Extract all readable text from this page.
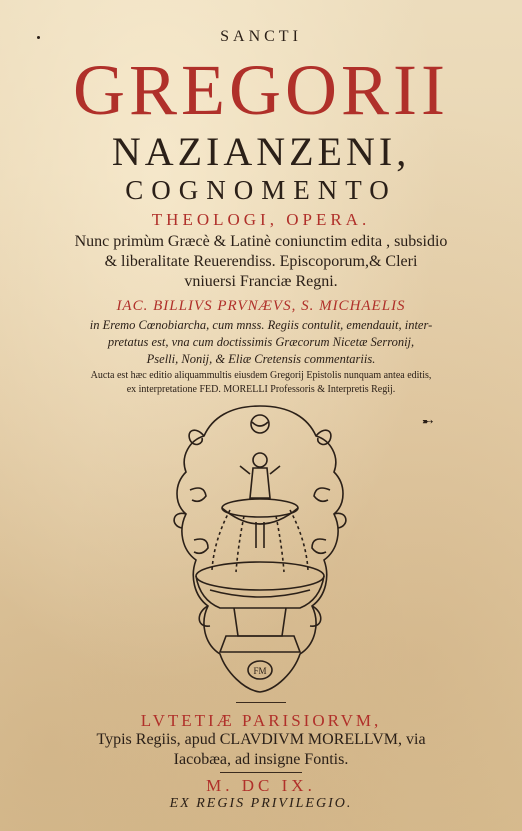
SANCTI
GREGORII
NAZIANZENI,
COGNOMENTO
THEOLOGI, OPERA.
Nunc primùm Græcè & Latinè coniunctim edita , subsidio
& liberalitate Reuerendiss. Episcoporum,& Cleri
vniuersi Franciæ Regni.
IAC. BILLIVS PRVNÆVS, S. MICHAELIS
in Eremo Cœnobiarcha, cum mnss. Regiis contulit, emendauit, inter-
pretatus est, vna cum doctissimis Græcorum Nicetæ Serronij,
Pselli, Nonij, & Eliæ Cretensis commentariis.
Aucta est hæc editio aliquammultis eiusdem Gregorij Epistolis nunquam antea editis,
ex interpretatione FED. MORELLI Professoris & Interpretis Regij.
➸
FM
LVTETIÆ PARISIORVM,
Typis Regiis, apud CLAVDIVM MORELLVM, via
Iacobæa, ad insigne Fontis.
M. DC IX.
EX REGIS PRIVILEGIO.
